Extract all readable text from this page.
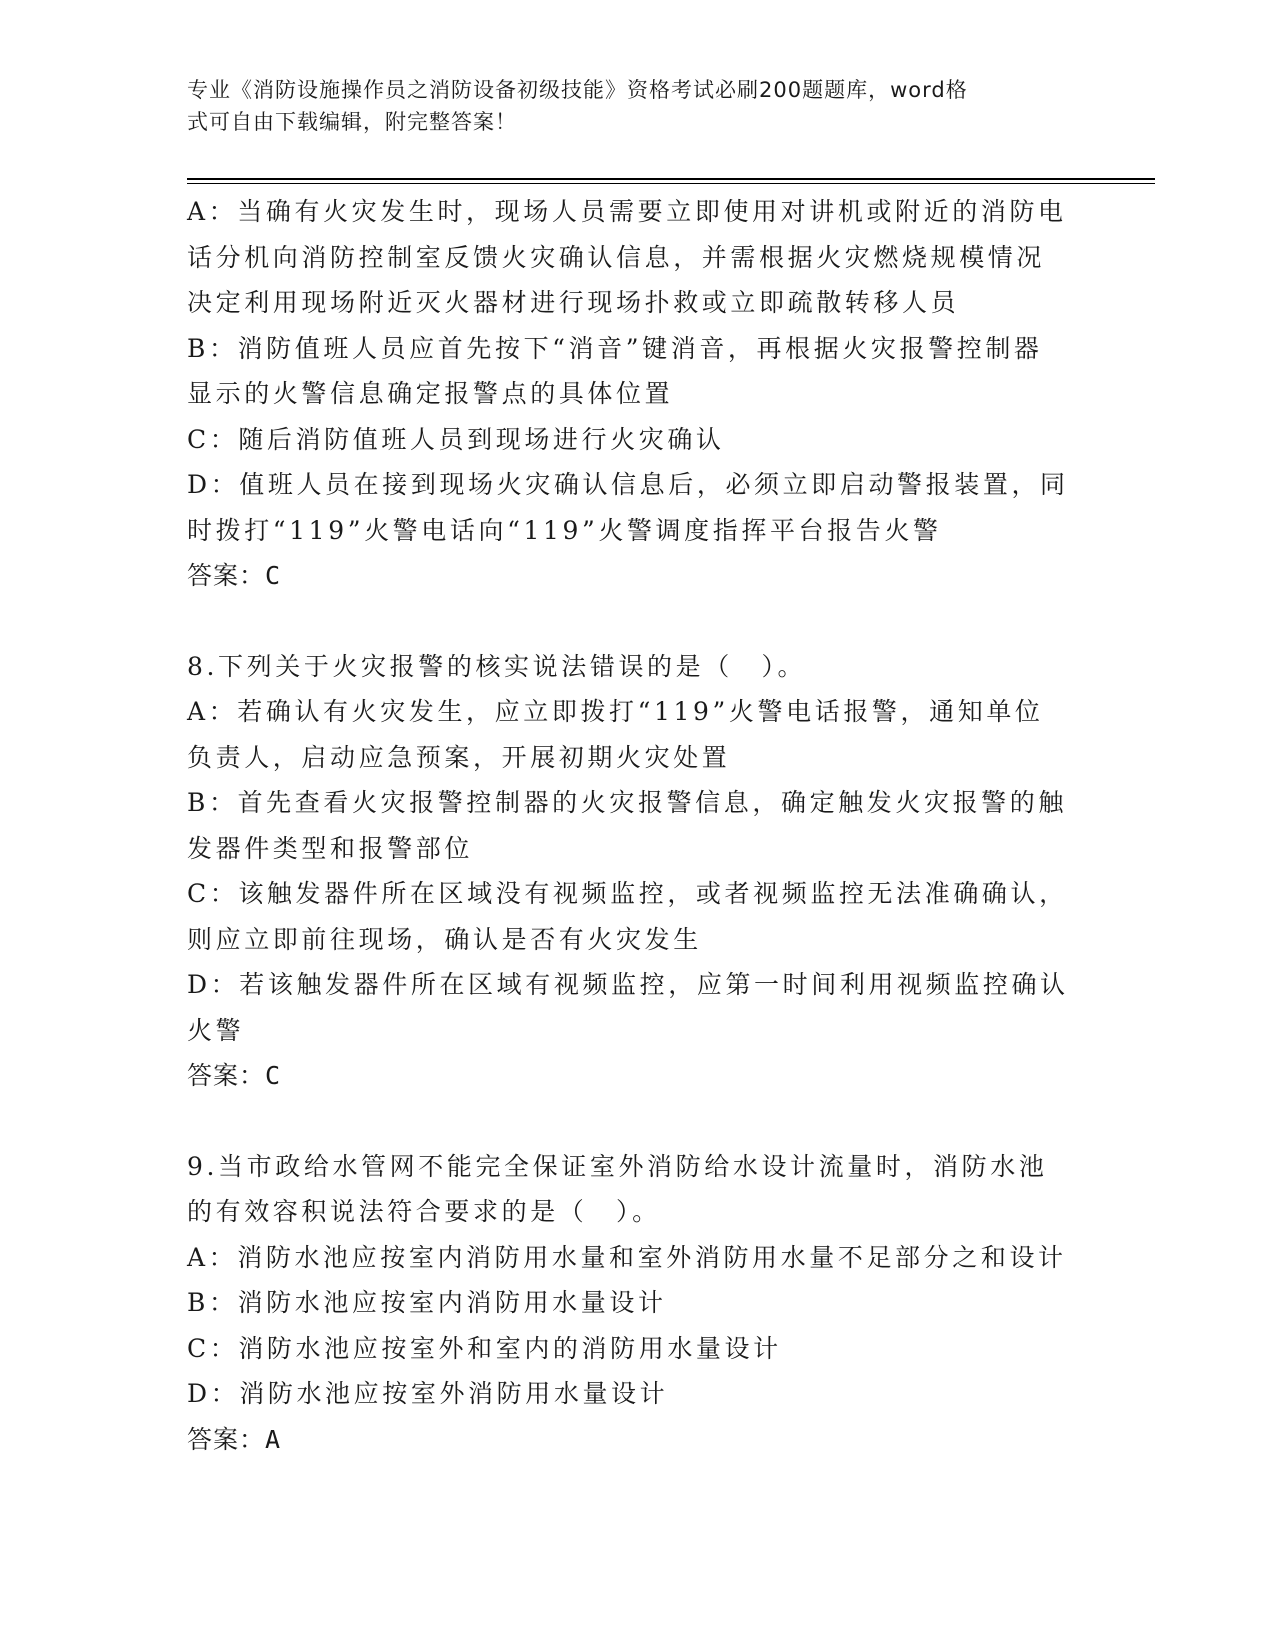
专业《消防设施操作员之消防设备初级技能》资格考试必刷200题题库，word格
式可自由下载编辑，附完整答案！

A：当确有火灾发生时，现场人员需要立即使用对讲机或附近的消防电

话分机向消防控制室反馈火灾确认信息，并需根据火灾燃烧规模情况

决定利用现场附近灭火器材进行现场扑救或立即疏散转移人员

B：消防值班人员应首先按下“消音”键消音，再根据火灾报警控制器

显示的火警信息确定报警点的具体位置

C：随后消防值班人员到现场进行火灾确认

D：值班人员在接到现场火灾确认信息后，必须立即启动警报装置，同

时拨打“119”火警电话向“119”火警调度指挥平台报告火警

答案：C

8.下列关于火灾报警的核实说法错误的是（　）。

A：若确认有火灾发生，应立即拨打“119”火警电话报警，通知单位

负责人，启动应急预案，开展初期火灾处置

B：首先查看火灾报警控制器的火灾报警信息，确定触发火灾报警的触

发器件类型和报警部位

C：该触发器件所在区域没有视频监控，或者视频监控无法准确确认，

则应立即前往现场，确认是否有火灾发生

D：若该触发器件所在区域有视频监控，应第一时间利用视频监控确认

火警

答案：C

9.当市政给水管网不能完全保证室外消防给水设计流量时，消防水池

的有效容积说法符合要求的是（　）。

A：消防水池应按室内消防用水量和室外消防用水量不足部分之和设计

B：消防水池应按室内消防用水量设计

C：消防水池应按室外和室内的消防用水量设计

D：消防水池应按室外消防用水量设计

答案：A
